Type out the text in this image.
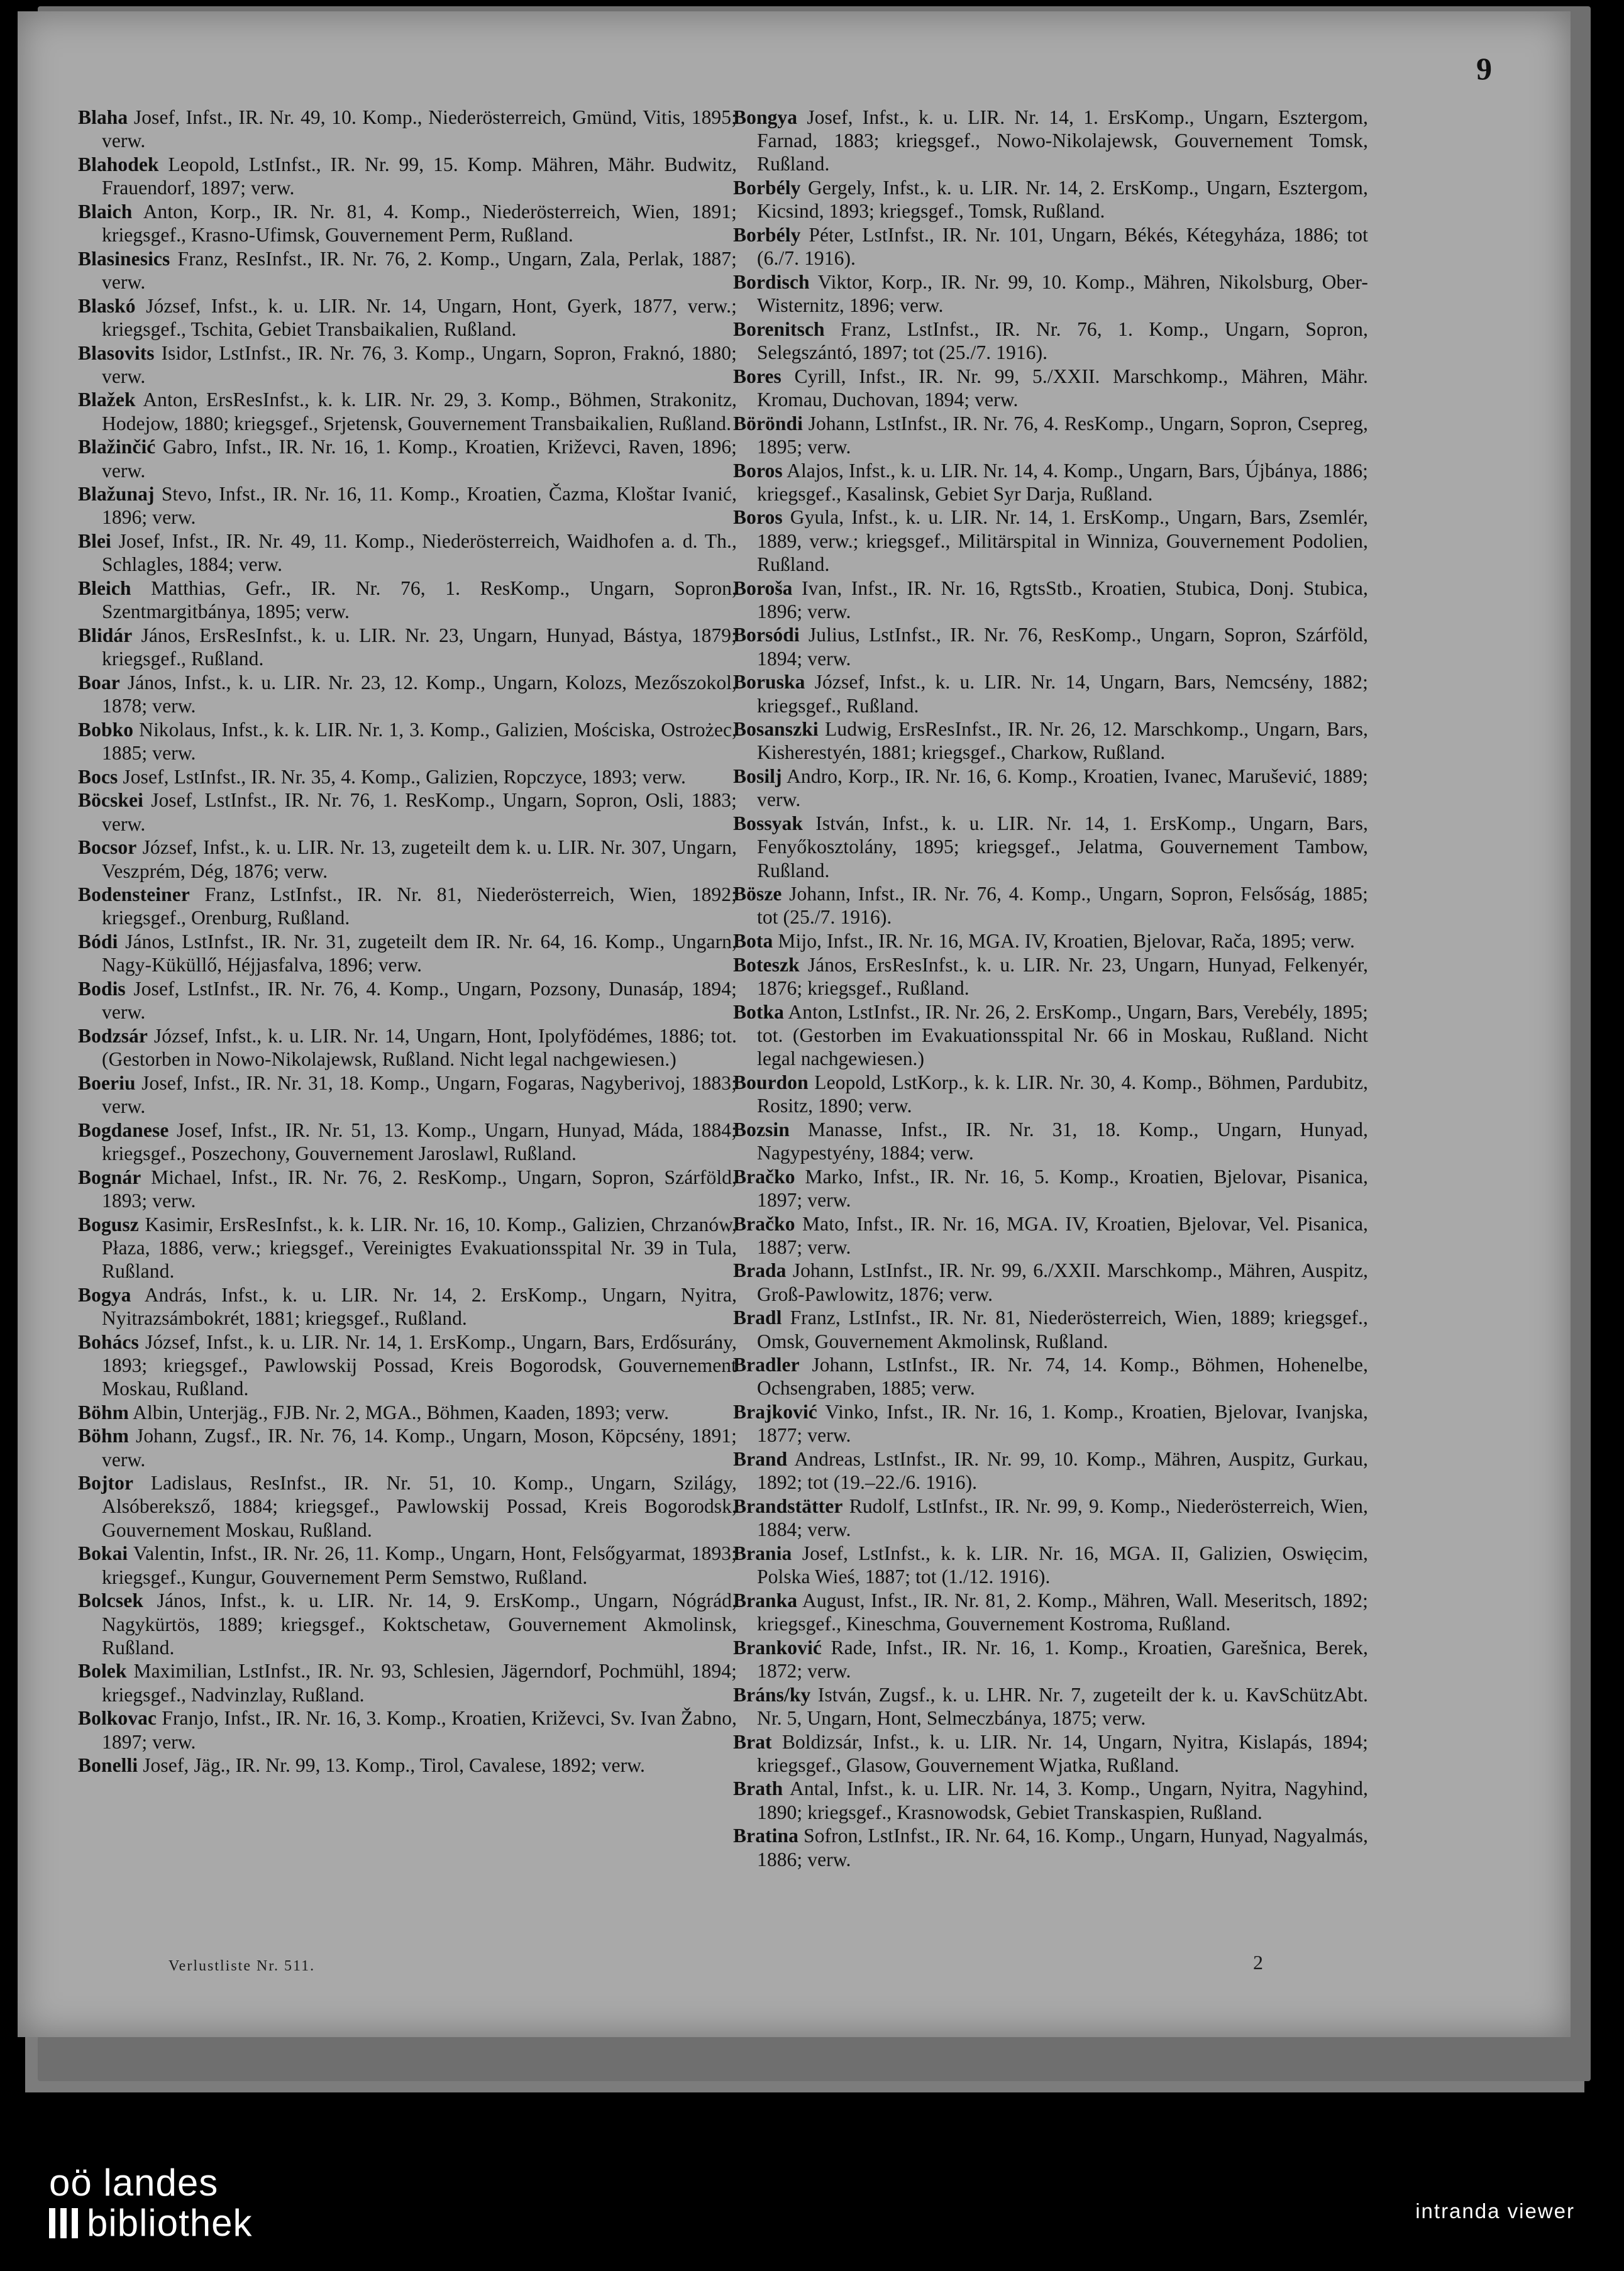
9

Blaha Josef, Infst., IR. Nr. 49, 10. Komp., Niederösterreich, Gmünd, Vitis, 1895; verw.

Blahodek Leopold, LstInfst., IR. Nr. 99, 15. Komp. Mähren, Mähr. Budwitz, Frauendorf, 1897; verw.

Blaich Anton, Korp., IR. Nr. 81, 4. Komp., Niederösterreich, Wien, 1891; kriegsgef., Krasno-Ufimsk, Gouvernement Perm, Rußland.

Blasinesics Franz, ResInfst., IR. Nr. 76, 2. Komp., Ungarn, Zala, Perlak, 1887; verw.

Blaskó József, Infst., k. u. LIR. Nr. 14, Ungarn, Hont, Gyerk, 1877, verw.; kriegsgef., Tschita, Gebiet Transbaikalien, Rußland.

Blasovits Isidor, LstInfst., IR. Nr. 76, 3. Komp., Ungarn, Sopron, Fraknó, 1880; verw.

Blažek Anton, ErsResInfst., k. k. LIR. Nr. 29, 3. Komp., Böhmen, Strakonitz, Hodejow, 1880; kriegsgef., Srjetensk, Gouvernement Transbaikalien, Rußland.

Blažinčić Gabro, Infst., IR. Nr. 16, 1. Komp., Kroatien, Križevci, Raven, 1896; verw.

Blažunaj Stevo, Infst., IR. Nr. 16, 11. Komp., Kroatien, Čazma, Kloštar Ivanić, 1896; verw.

Blei Josef, Infst., IR. Nr. 49, 11. Komp., Niederösterreich, Waidhofen a. d. Th., Schlagles, 1884; verw.

Bleich Matthias, Gefr., IR. Nr. 76, 1. ResKomp., Ungarn, Sopron, Szentmargitbánya, 1895; verw.

Blidár János, ErsResInfst., k. u. LIR. Nr. 23, Ungarn, Hunyad, Bástya, 1879; kriegsgef., Rußland.

Boar János, Infst., k. u. LIR. Nr. 23, 12. Komp., Ungarn, Kolozs, Mezőszokol, 1878; verw.

Bobko Nikolaus, Infst., k. k. LIR. Nr. 1, 3. Komp., Galizien, Mościska, Ostrożec, 1885; verw.

Bocs Josef, LstInfst., IR. Nr. 35, 4. Komp., Galizien, Ropczyce, 1893; verw.

Böcskei Josef, LstInfst., IR. Nr. 76, 1. ResKomp., Ungarn, Sopron, Osli, 1883; verw.

Bocsor József, Infst., k. u. LIR. Nr. 13, zugeteilt dem k. u. LIR. Nr. 307, Ungarn, Veszprém, Dég, 1876; verw.

Bodensteiner Franz, LstInfst., IR. Nr. 81, Niederösterreich, Wien, 1892; kriegsgef., Orenburg, Rußland.

Bódi János, LstInfst., IR. Nr. 31, zugeteilt dem IR. Nr. 64, 16. Komp., Ungarn, Nagy-Küküllő, Héjjasfalva, 1896; verw.

Bodis Josef, LstInfst., IR. Nr. 76, 4. Komp., Ungarn, Pozsony, Dunasáp, 1894; verw.

Bodzsár József, Infst., k. u. LIR. Nr. 14, Ungarn, Hont, Ipolyfödémes, 1886; tot. (Gestorben in Nowo-Nikolajewsk, Rußland. Nicht legal nachgewiesen.)

Boeriu Josef, Infst., IR. Nr. 31, 18. Komp., Ungarn, Fogaras, Nagyberivoj, 1883; verw.

Bogdanese Josef, Infst., IR. Nr. 51, 13. Komp., Ungarn, Hunyad, Máda, 1884; kriegsgef., Poszechony, Gouvernement Jaroslawl, Rußland.

Bognár Michael, Infst., IR. Nr. 76, 2. ResKomp., Ungarn, Sopron, Szárföld, 1893; verw.

Bogusz Kasimir, ErsResInfst., k. k. LIR. Nr. 16, 10. Komp., Galizien, Chrzanów, Płaza, 1886, verw.; kriegsgef., Vereinigtes Evakuationsspital Nr. 39 in Tula, Rußland.

Bogya András, Infst., k. u. LIR. Nr. 14, 2. ErsKomp., Ungarn, Nyitra, Nyitrazsámbokrét, 1881; kriegsgef., Rußland.

Bohács József, Infst., k. u. LIR. Nr. 14, 1. ErsKomp., Ungarn, Bars, Erdősurány, 1893; kriegsgef., Pawlowskij Possad, Kreis Bogorodsk, Gouvernement Moskau, Rußland.

Böhm Albin, Unterjäg., FJB. Nr. 2, MGA., Böhmen, Kaaden, 1893; verw.

Böhm Johann, Zugsf., IR. Nr. 76, 14. Komp., Ungarn, Moson, Köpcsény, 1891; verw.

Bojtor Ladislaus, ResInfst., IR. Nr. 51, 10. Komp., Ungarn, Szilágy, Alsóbereksző, 1884; kriegsgef., Pawlowskij Possad, Kreis Bogorodsk, Gouvernement Moskau, Rußland.

Bokai Valentin, Infst., IR. Nr. 26, 11. Komp., Ungarn, Hont, Felsőgyarmat, 1893; kriegsgef., Kungur, Gouvernement Perm Semstwo, Rußland.

Bolcsek János, Infst., k. u. LIR. Nr. 14, 9. ErsKomp., Ungarn, Nógrád, Nagykürtös, 1889; kriegsgef., Koktschetaw, Gouvernement Akmolinsk, Rußland.

Bolek Maximilian, LstInfst., IR. Nr. 93, Schlesien, Jägerndorf, Pochmühl, 1894; kriegsgef., Nadvinzlay, Rußland.

Bolkovac Franjo, Infst., IR. Nr. 16, 3. Komp., Kroatien, Križevci, Sv. Ivan Žabno, 1897; verw.

Bonelli Josef, Jäg., IR. Nr. 99, 13. Komp., Tirol, Cavalese, 1892; verw.

Bongya Josef, Infst., k. u. LIR. Nr. 14, 1. ErsKomp., Ungarn, Esztergom, Farnad, 1883; kriegsgef., Nowo-Nikolajewsk, Gouvernement Tomsk, Rußland.

Borbély Gergely, Infst., k. u. LIR. Nr. 14, 2. ErsKomp., Ungarn, Esztergom, Kicsind, 1893; kriegsgef., Tomsk, Rußland.

Borbély Péter, LstInfst., IR. Nr. 101, Ungarn, Békés, Kétegyháza, 1886; tot (6./7. 1916).

Bordisch Viktor, Korp., IR. Nr. 99, 10. Komp., Mähren, Nikolsburg, Ober-Wisternitz, 1896; verw.

Borenitsch Franz, LstInfst., IR. Nr. 76, 1. Komp., Ungarn, Sopron, Selegszántó, 1897; tot (25./7. 1916).

Bores Cyrill, Infst., IR. Nr. 99, 5./XXII. Marschkomp., Mähren, Mähr. Kromau, Duchovan, 1894; verw.

Böröndi Johann, LstInfst., IR. Nr. 76, 4. ResKomp., Ungarn, Sopron, Csepreg, 1895; verw.

Boros Alajos, Infst., k. u. LIR. Nr. 14, 4. Komp., Ungarn, Bars, Újbánya, 1886; kriegsgef., Kasalinsk, Gebiet Syr Darja, Rußland.

Boros Gyula, Infst., k. u. LIR. Nr. 14, 1. ErsKomp., Ungarn, Bars, Zsemlér, 1889, verw.; kriegsgef., Militärspital in Winniza, Gouvernement Podolien, Rußland.

Boroša Ivan, Infst., IR. Nr. 16, RgtsStb., Kroatien, Stubica, Donj. Stubica, 1896; verw.

Borsódi Julius, LstInfst., IR. Nr. 76, ResKomp., Ungarn, Sopron, Szárföld, 1894; verw.

Boruska József, Infst., k. u. LIR. Nr. 14, Ungarn, Bars, Nemcsény, 1882; kriegsgef., Rußland.

Bosanszki Ludwig, ErsResInfst., IR. Nr. 26, 12. Marschkomp., Ungarn, Bars, Kisherestyén, 1881; kriegsgef., Charkow, Rußland.

Bosilj Andro, Korp., IR. Nr. 16, 6. Komp., Kroatien, Ivanec, Marušević, 1889; verw.

Bossyak István, Infst., k. u. LIR. Nr. 14, 1. ErsKomp., Ungarn, Bars, Fenyőkosztolány, 1895; kriegsgef., Jelatma, Gouvernement Tambow, Rußland.

Bösze Johann, Infst., IR. Nr. 76, 4. Komp., Ungarn, Sopron, Felsőság, 1885; tot (25./7. 1916).

Bota Mijo, Infst., IR. Nr. 16, MGA. IV, Kroatien, Bjelovar, Rača, 1895; verw.

Boteszk János, ErsResInfst., k. u. LIR. Nr. 23, Ungarn, Hunyad, Felkenyér, 1876; kriegsgef., Rußland.

Botka Anton, LstInfst., IR. Nr. 26, 2. ErsKomp., Ungarn, Bars, Verebély, 1895; tot. (Gestorben im Evakuationsspital Nr. 66 in Moskau, Rußland. Nicht legal nachgewiesen.)

Bourdon Leopold, LstKorp., k. k. LIR. Nr. 30, 4. Komp., Böhmen, Pardubitz, Rositz, 1890; verw.

Bozsin Manasse, Infst., IR. Nr. 31, 18. Komp., Ungarn, Hunyad, Nagypestyény, 1884; verw.

Bračko Marko, Infst., IR. Nr. 16, 5. Komp., Kroatien, Bjelovar, Pisanica, 1897; verw.

Bračko Mato, Infst., IR. Nr. 16, MGA. IV, Kroatien, Bjelovar, Vel. Pisanica, 1887; verw.

Brada Johann, LstInfst., IR. Nr. 99, 6./XXII. Marschkomp., Mähren, Auspitz, Groß-Pawlowitz, 1876; verw.

Bradl Franz, LstInfst., IR. Nr. 81, Niederösterreich, Wien, 1889; kriegsgef., Omsk, Gouvernement Akmolinsk, Rußland.

Bradler Johann, LstInfst., IR. Nr. 74, 14. Komp., Böhmen, Hohenelbe, Ochsengraben, 1885; verw.

Brajković Vinko, Infst., IR. Nr. 16, 1. Komp., Kroatien, Bjelovar, Ivanjska, 1877; verw.

Brand Andreas, LstInfst., IR. Nr. 99, 10. Komp., Mähren, Auspitz, Gurkau, 1892; tot (19.–22./6. 1916).

Brandstätter Rudolf, LstInfst., IR. Nr. 99, 9. Komp., Niederösterreich, Wien, 1884; verw.

Brania Josef, LstInfst., k. k. LIR. Nr. 16, MGA. II, Galizien, Oswięcim, Polska Wieś, 1887; tot (1./12. 1916).

Branka August, Infst., IR. Nr. 81, 2. Komp., Mähren, Wall. Meseritsch, 1892; kriegsgef., Kineschma, Gouvernement Kostroma, Rußland.

Branković Rade, Infst., IR. Nr. 16, 1. Komp., Kroatien, Garešnica, Berek, 1872; verw.

Bráns/ky István, Zugsf., k. u. LHR. Nr. 7, zugeteilt der k. u. KavSchützAbt. Nr. 5, Ungarn, Hont, Selmeczbánya, 1875; verw.

Brat Boldizsár, Infst., k. u. LIR. Nr. 14, Ungarn, Nyitra, Kislapás, 1894; kriegsgef., Glasow, Gouvernement Wjatka, Rußland.

Brath Antal, Infst., k. u. LIR. Nr. 14, 3. Komp., Ungarn, Nyitra, Nagyhind, 1890; kriegsgef., Krasnowodsk, Gebiet Transkaspien, Rußland.

Bratina Sofron, LstInfst., IR. Nr. 64, 16. Komp., Ungarn, Hunyad, Nagyalmás, 1886; verw.

Verlustliste Nr. 511.	2
oö landes
bibliothek	intranda viewer
